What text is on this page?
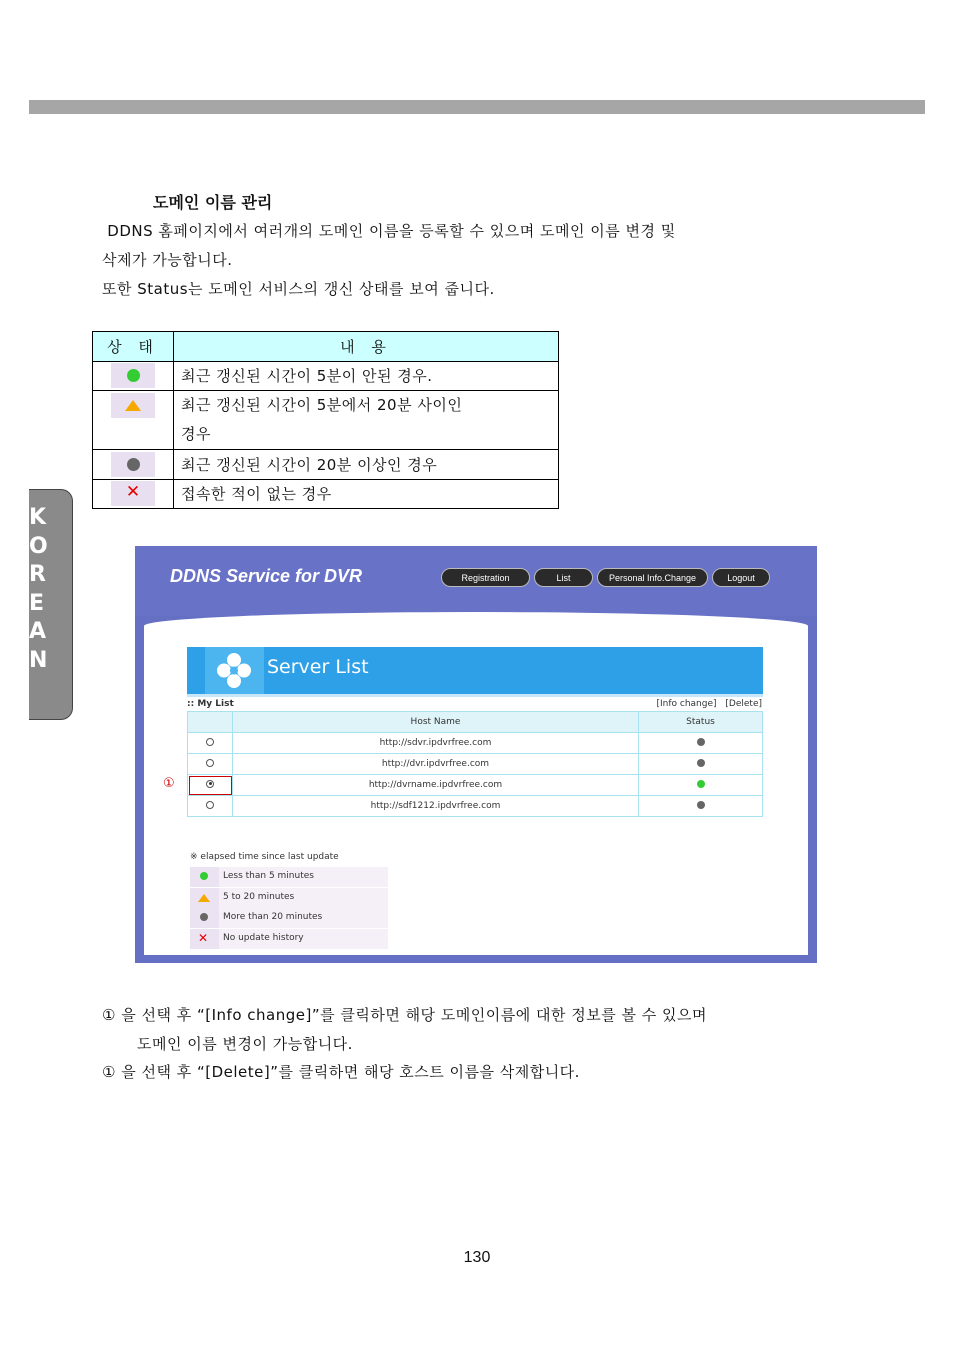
K
O
R
E
A
N
도메인 이름 관리
DDNS 홈페이지에서 여러개의 도메인 이름을 등록할 수 있으며 도메인 이름 변경 및
삭제가 가능합니다.
또한 Status는 도메인 서비스의 갱신 상태를 보여 줍니다.
상 태	내 용

	최근 갱신된 시간이 5분이 안된 경우.

	최근 갱신된 시간이 5분에서 20분 사이인
경우

	최근 갱신된 시간이 20분 이상인 경우

✕	접속한 적이 없는 경우
DDNS Service for DVR	Registration	List	Personal Info.Change	Logout
Server List
:: My List	[Info change] [Delete]
	Host Name	Status
	http://sdvr.ipdvrfree.com	
	http://dvr.ipdvrfree.com	
	http://dvrname.ipdvrfree.com	
	http://sdf1212.ipdvrfree.com	
①
※ elapsed time since last update
Less than 5 minutes
5 to 20 minutes
More than 20 minutes
✕ No update history
① 을 선택 후 “[Info change]”를 클릭하면 해당 도메인이름에 대한 정보를 볼 수 있으며
도메인 이름 변경이 가능합니다.
① 을 선택 후 “[Delete]”를 클릭하면 해당 호스트 이름을 삭제합니다.
130
